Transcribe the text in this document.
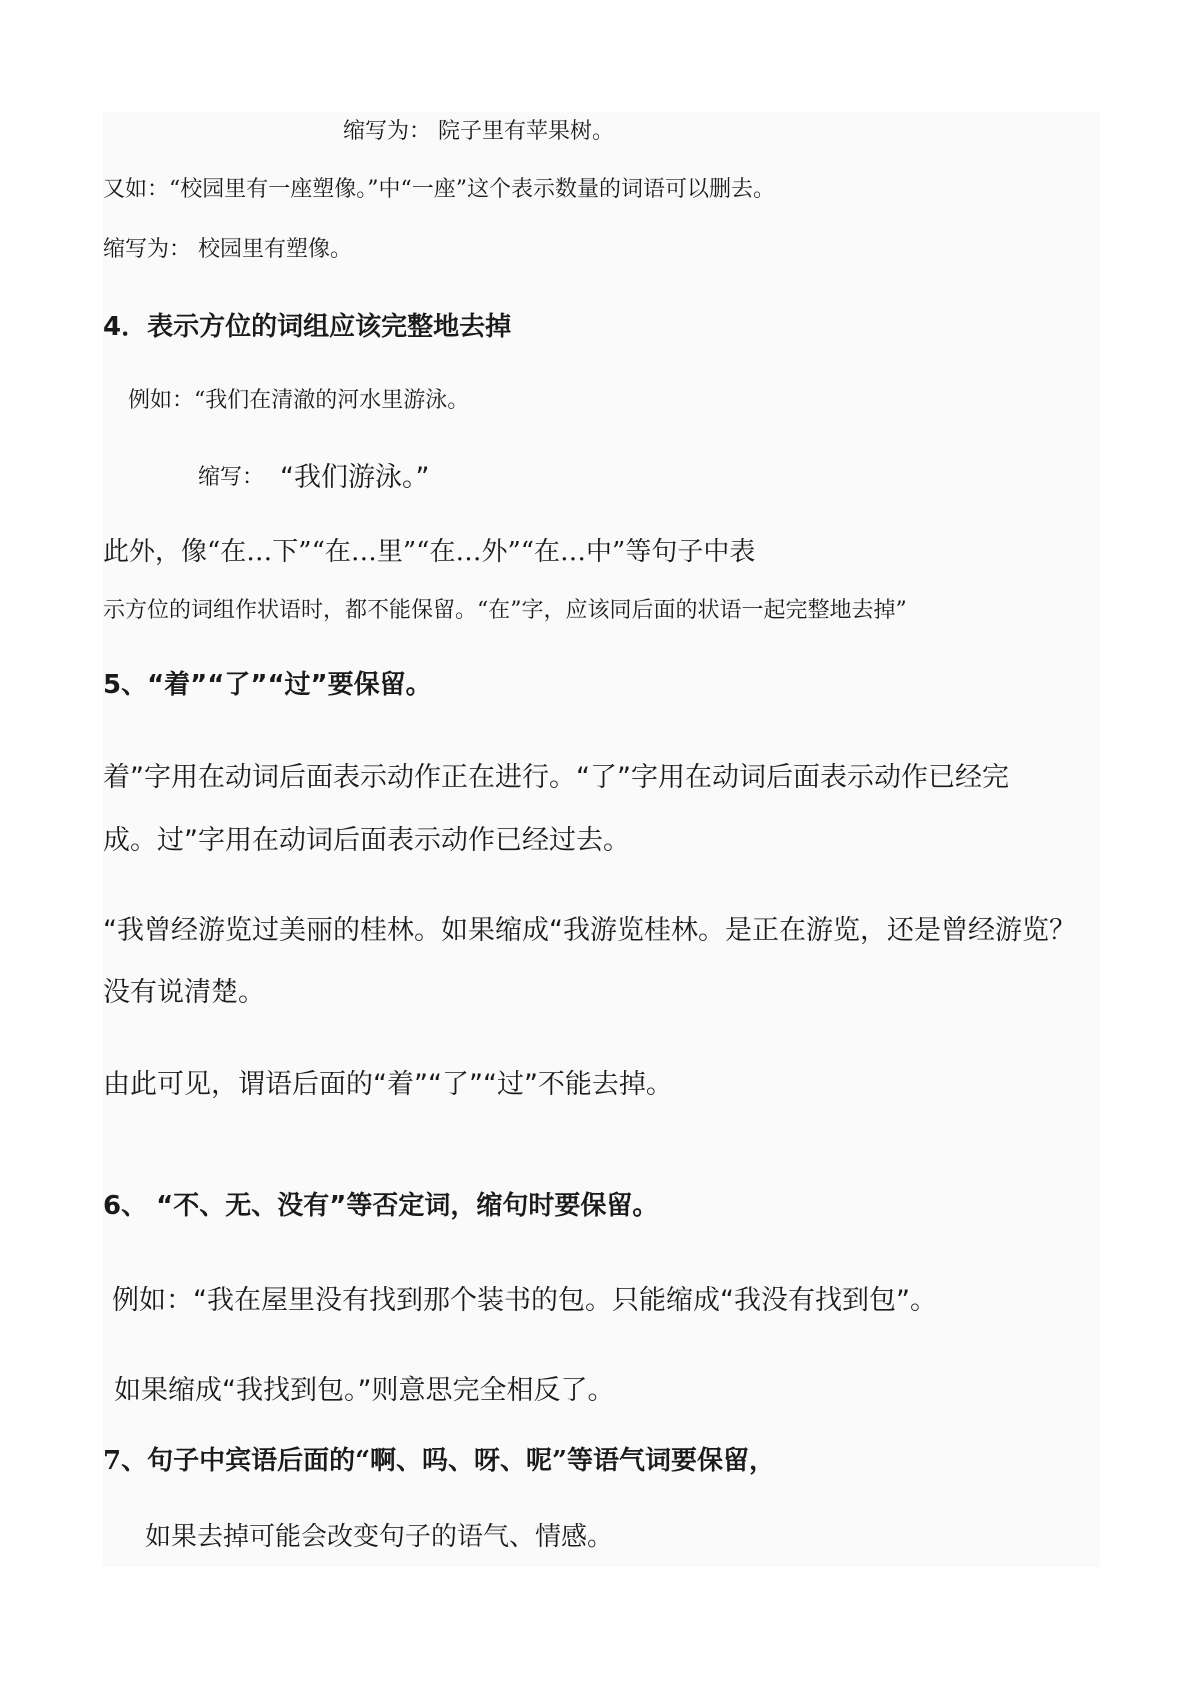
缩写为： 院子里有苹果树。

又如：“校园里有一座塑像。”中“一座”这个表示数量的词语可以删去。

缩写为： 校园里有塑像。

4．表示方位的词组应该完整地去掉

例如：“我们在清澈的河水里游泳。

缩写： “我们游泳。”

此外，像“在…下”“在…里”“在…外”“在…中”等句子中表

示方位的词组作状语时，都不能保留。“在”字，应该同后面的状语一起完整地去掉”

5、“着”“了”“过”要保留。

着”字用在动词后面表示动作正在进行。“了”字用在动词后面表示动作已经完

成。过”字用在动词后面表示动作已经过去。

“我曾经游览过美丽的桂林。如果缩成“我游览桂林。是正在游览，还是曾经游览？

没有说清楚。

由此可见，谓语后面的“着”“了”“过”不能去掉。

6、 “不、无、没有”等否定词，缩句时要保留。

例如：“我在屋里没有找到那个装书的包。只能缩成“我没有找到包”。

如果缩成“我找到包。”则意思完全相反了。

7、句子中宾语后面的“啊、吗、呀、呢”等语气词要保留，

如果去掉可能会改变句子的语气、情感。
